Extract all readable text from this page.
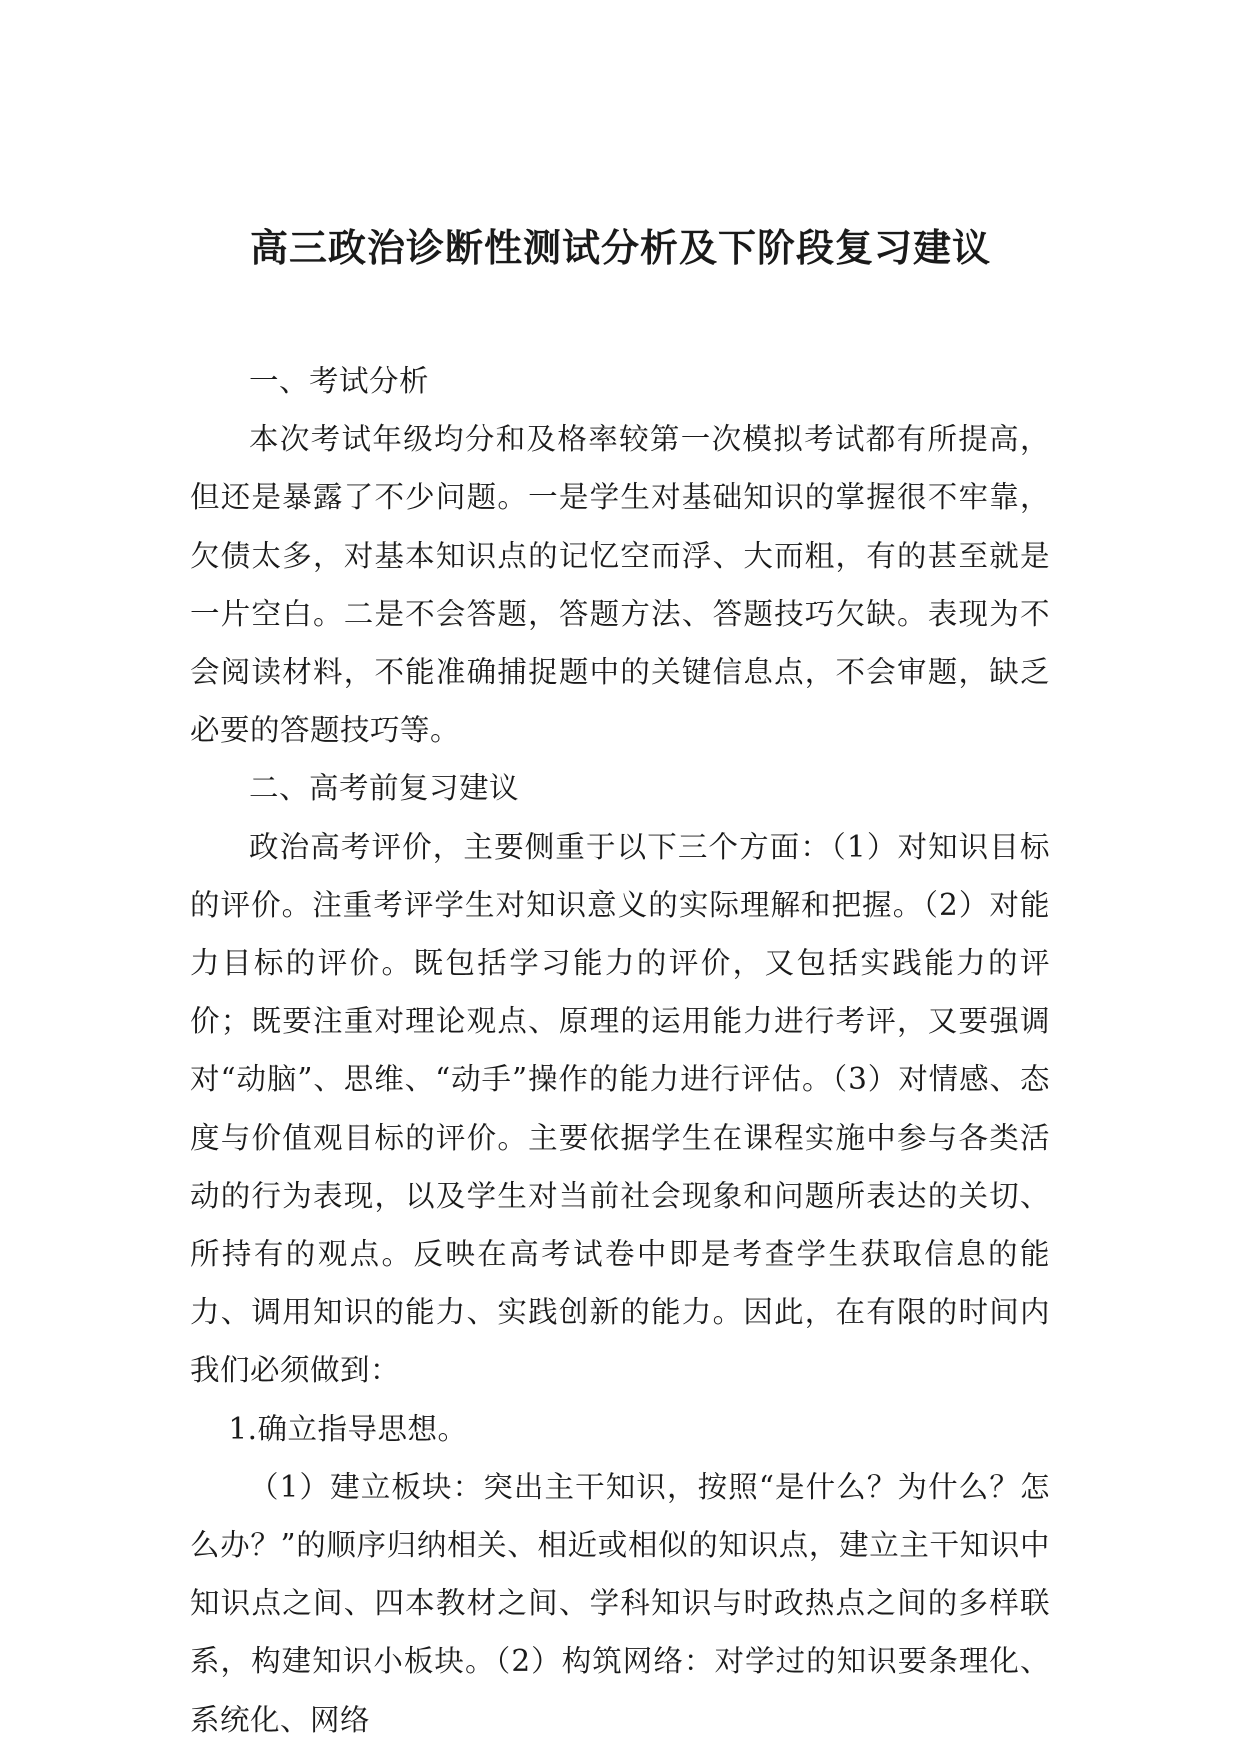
高三政治诊断性测试分析及下阶段复习建议

一、考试分析

本次考试年级均分和及格率较第一次模拟考试都有所提高，但还是暴露了不少问题。一是学生对基础知识的掌握很不牢靠，欠债太多，对基本知识点的记忆空而浮、大而粗，有的甚至就是一片空白。二是不会答题，答题方法、答题技巧欠缺。表现为不会阅读材料，不能准确捕捉题中的关键信息点，不会审题，缺乏必要的答题技巧等。

二、高考前复习建议

政治高考评价，主要侧重于以下三个方面：（1）对知识目标的评价。注重考评学生对知识意义的实际理解和把握。（2）对能力目标的评价。既包括学习能力的评价，又包括实践能力的评价；既要注重对理论观点、原理的运用能力进行考评，又要强调对“动脑”、思维、“动手”操作的能力进行评估。（3）对情感、态度与价值观目标的评价。主要依据学生在课程实施中参与各类活动的行为表现，以及学生对当前社会现象和问题所表达的关切、所持有的观点。反映在高考试卷中即是考查学生获取信息的能力、调用知识的能力、实践创新的能力。因此，在有限的时间内我们必须做到：

1.确立指导思想。

（1）建立板块：突出主干知识，按照“是什么？为什么？怎么办？”的顺序归纳相关、相近或相似的知识点，建立主干知识中知识点之间、四本教材之间、学科知识与时政热点之间的多样联系，构建知识小板块。（2）构筑网络：对学过的知识要条理化、系统化、网络
